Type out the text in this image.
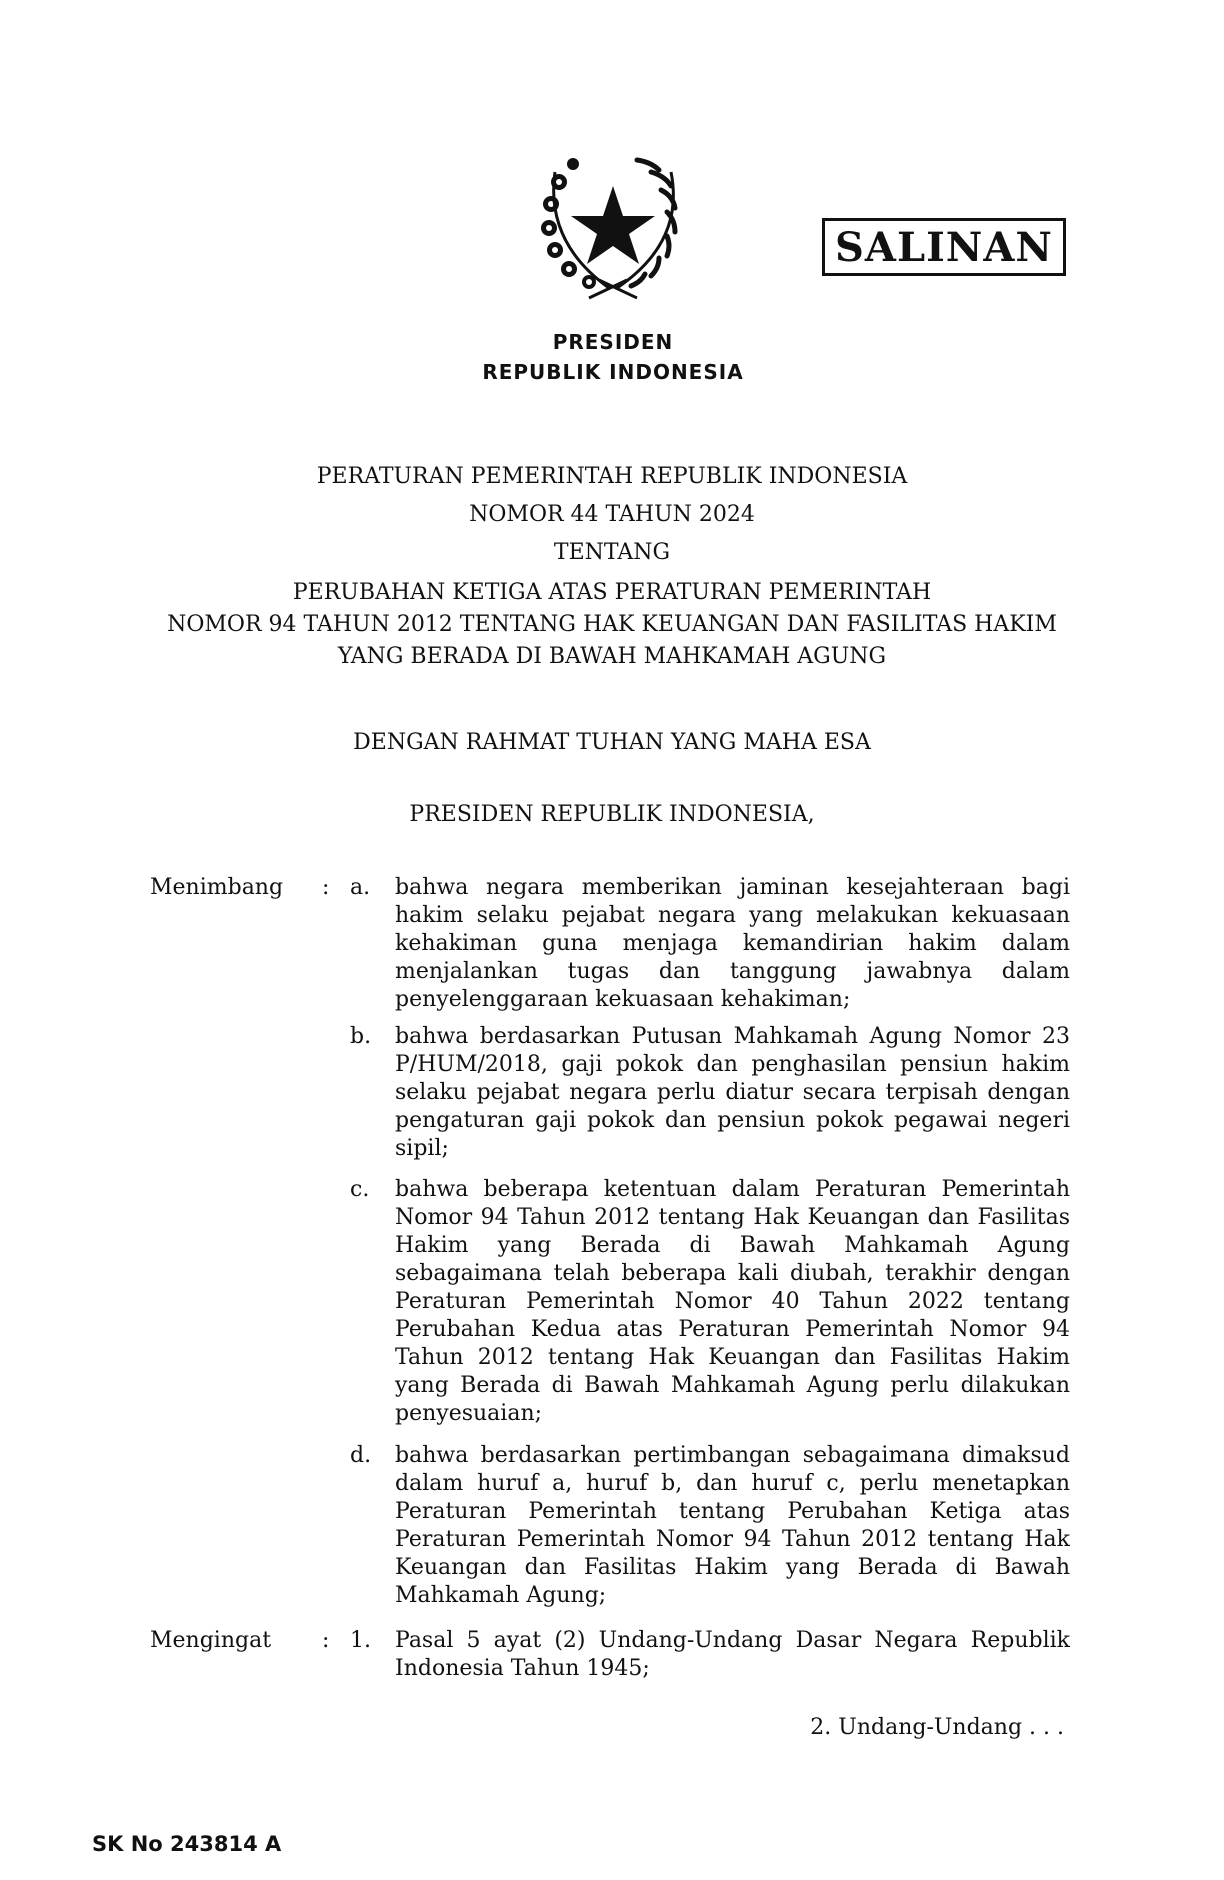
SALINAN
PRESIDEN
REPUBLIK INDONESIA
PERATURAN PEMERINTAH REPUBLIK INDONESIA
NOMOR 44 TAHUN 2024
TENTANG
PERUBAHAN KETIGA ATAS PERATURAN PEMERINTAH
NOMOR 94 TAHUN 2012 TENTANG HAK KEUANGAN DAN FASILITAS HAKIM
YANG BERADA DI BAWAH MAHKAMAH AGUNG
DENGAN RAHMAT TUHAN YANG MAHA ESA
PRESIDEN REPUBLIK INDONESIA,
Menimbang : a. bahwa negara memberikan jaminan kesejahteraan bagi hakim selaku pejabat negara yang melakukan kekuasaan kehakiman guna menjaga kemandirian hakim dalam menjalankan tugas dan tanggung jawabnya dalam penyelenggaraan kekuasaan kehakiman;
b. bahwa berdasarkan Putusan Mahkamah Agung Nomor 23 P/HUM/2018, gaji pokok dan penghasilan pensiun hakim selaku pejabat negara perlu diatur secara terpisah dengan pengaturan gaji pokok dan pensiun pokok pegawai negeri sipil;
c. bahwa beberapa ketentuan dalam Peraturan Pemerintah Nomor 94 Tahun 2012 tentang Hak Keuangan dan Fasilitas Hakim yang Berada di Bawah Mahkamah Agung sebagaimana telah beberapa kali diubah, terakhir dengan Peraturan Pemerintah Nomor 40 Tahun 2022 tentang Perubahan Kedua atas Peraturan Pemerintah Nomor 94 Tahun 2012 tentang Hak Keuangan dan Fasilitas Hakim yang Berada di Bawah Mahkamah Agung perlu dilakukan penyesuaian;
d. bahwa berdasarkan pertimbangan sebagaimana dimaksud dalam huruf a, huruf b, dan huruf c, perlu menetapkan Peraturan Pemerintah tentang Perubahan Ketiga atas Peraturan Pemerintah Nomor 94 Tahun 2012 tentang Hak Keuangan dan Fasilitas Hakim yang Berada di Bawah Mahkamah Agung;
Mengingat : 1. Pasal 5 ayat (2) Undang-Undang Dasar Negara Republik Indonesia Tahun 1945;
2. Undang-Undang . . .
SK No 243814 A
